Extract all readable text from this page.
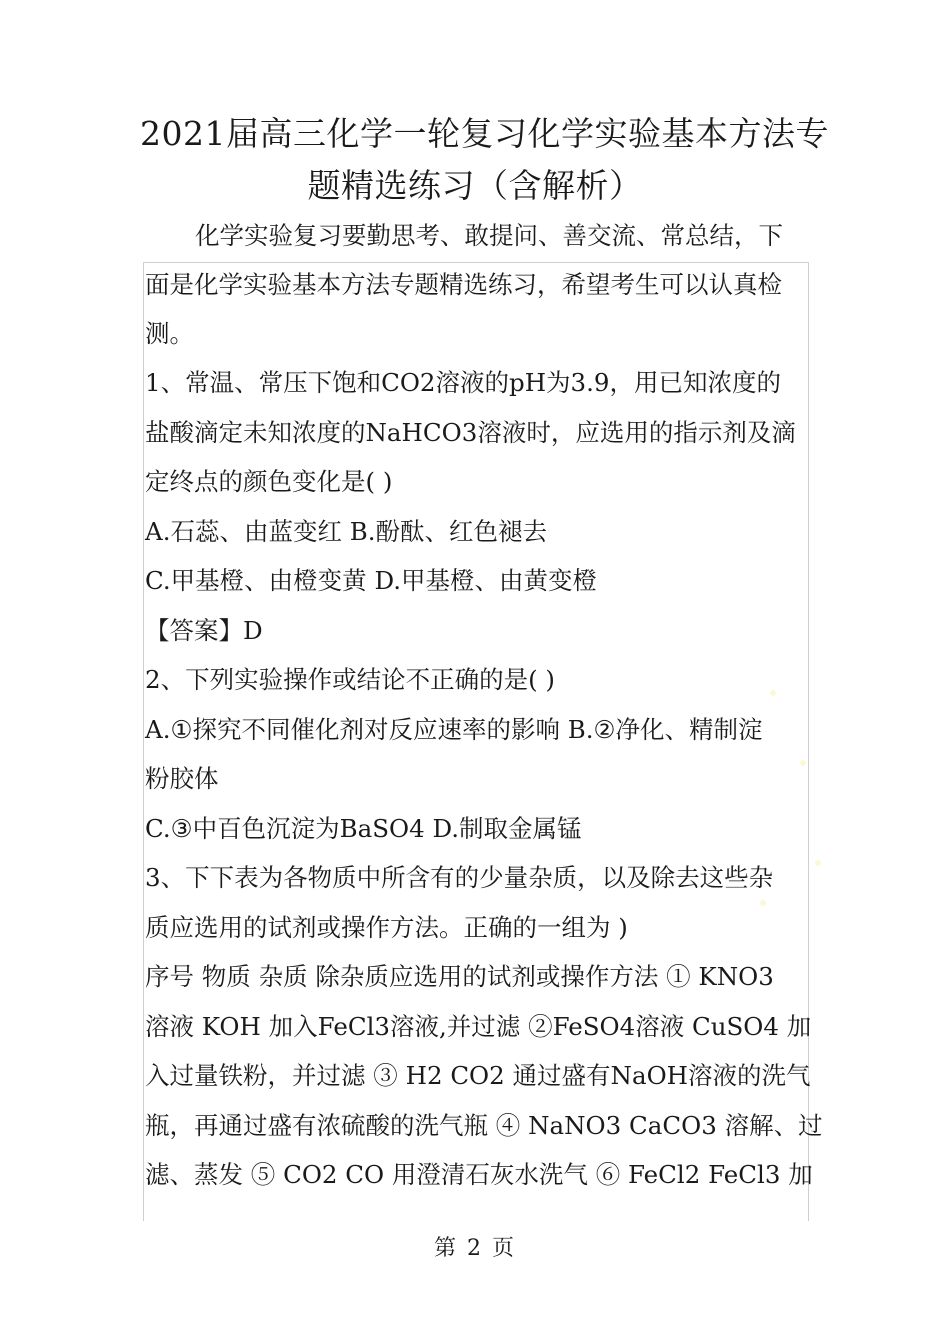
2021届高三化学一轮复习化学实验基本方法专
题精选练习（含解析）
化学实验复习要勤思考、敢提问、善交流、常总结，下
面是化学实验基本方法专题精选练习，希望考生可以认真检
测。
1、常温、常压下饱和CO2溶液的pH为3.9，用已知浓度的
盐酸滴定未知浓度的NaHCO3溶液时，应选用的指示剂及滴
定终点的颜色变化是( )
A.石蕊、由蓝变红 B.酚酞、红色褪去
C.甲基橙、由橙变黄 D.甲基橙、由黄变橙
【答案】D
2、下列实验操作或结论不正确的是( )
A.①探究不同催化剂对反应速率的影响 B.②净化、精制淀
粉胶体
C.③中百色沉淀为BaSO4 D.制取金属锰
3、下下表为各物质中所含有的少量杂质，以及除去这些杂
质应选用的试剂或操作方法。正确的一组为 )
序号 物质 杂质 除杂质应选用的试剂或操作方法 ① KNO3
溶液 KOH 加入FeCl3溶液,并过滤 ②FeSO4溶液 CuSO4 加
入过量铁粉，并过滤 ③ H2 CO2 通过盛有NaOH溶液的洗气
瓶，再通过盛有浓硫酸的洗气瓶 ④ NaNO3 CaCO3 溶解、过
滤、蒸发 ⑤ CO2 CO 用澄清石灰水洗气 ⑥ FeCl2 FeCl3 加
第 2 页
